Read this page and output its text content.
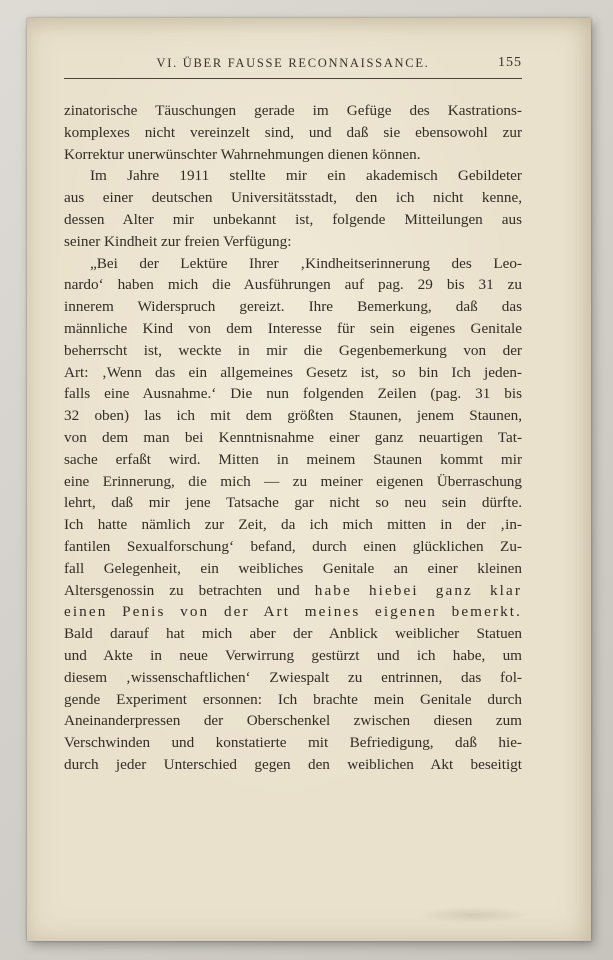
VI. ÜBER FAUSSE RECONNAISSANCE.	155
zinatorische Täuschungen gerade im Gefüge des Kastrations-
komplexes nicht vereinzelt sind, und daß sie ebensowohl zur
Korrektur unerwünschter Wahrnehmungen dienen können.
Im Jahre 1911 stellte mir ein akademisch Gebildeter
aus einer deutschen Universitätsstadt, den ich nicht kenne,
dessen Alter mir unbekannt ist, folgende Mitteilungen aus
seiner Kindheit zur freien Verfügung:
„Bei der Lektüre Ihrer ‚Kindheitserinnerung des Leo-
nardo‘ haben mich die Ausführungen auf pag. 29 bis 31 zu
innerem Widerspruch gereizt. Ihre Bemerkung, daß das
männliche Kind von dem Interesse für sein eigenes Genitale
beherrscht ist, weckte in mir die Gegenbemerkung von der
Art: ‚Wenn das ein allgemeines Gesetz ist, so bin Ich jeden-
falls eine Ausnahme.‘ Die nun folgenden Zeilen (pag. 31 bis
32 oben) las ich mit dem größten Staunen, jenem Staunen,
von dem man bei Kenntnisnahme einer ganz neuartigen Tat-
sache erfaßt wird. Mitten in meinem Staunen kommt mir
eine Erinnerung, die mich — zu meiner eigenen Überraschung
lehrt, daß mir jene Tatsache gar nicht so neu sein dürfte.
Ich hatte nämlich zur Zeit, da ich mich mitten in der ‚in-
fantilen Sexualforschung‘ befand, durch einen glücklichen Zu-
fall Gelegenheit, ein weibliches Genitale an einer kleinen
Altersgenossin zu betrachten und habe hiebei ganz klar
einen Penis von der Art meines eigenen bemerkt.
Bald darauf hat mich aber der Anblick weiblicher Statuen
und Akte in neue Verwirrung gestürzt und ich habe, um
diesem ‚wissenschaftlichen‘ Zwiespalt zu entrinnen, das fol-
gende Experiment ersonnen: Ich brachte mein Genitale durch
Aneinanderpressen der Oberschenkel zwischen diesen zum
Verschwinden und konstatierte mit Befriedigung, daß hie-
durch jeder Unterschied gegen den weiblichen Akt beseitigt
